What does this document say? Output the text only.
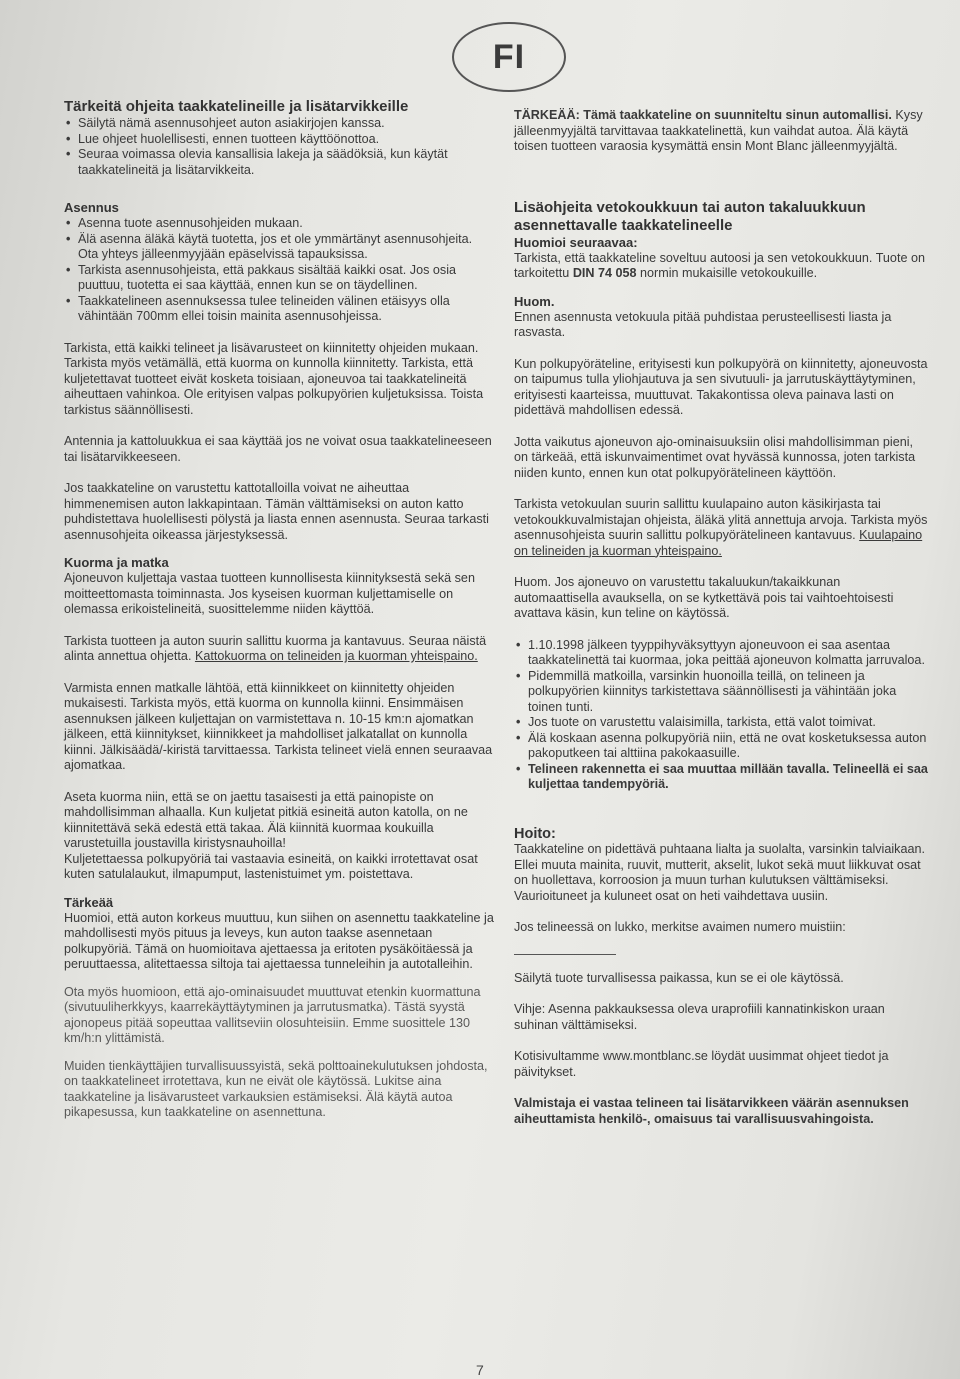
FI
Tärkeitä ohjeita taakkatelineille ja lisätarvikkeille
• Säilytä nämä asennusohjeet auton asiakirjojen kanssa.
• Lue ohjeet huolellisesti, ennen tuotteen käyttöönottoa.
• Seuraa voimassa olevia kansallisia lakeja ja säädöksiä, kun käytät taakkatelineitä ja lisätarvikkeita.
Asennus
• Asenna tuote asennusohjeiden mukaan.
• Älä asenna äläkä käytä tuotetta, jos et ole ymmärtänyt asennusohjeita. Ota yhteys jälleenmyyjään epäselvissä tapauksissa.
• Tarkista asennusohjeista, että pakkaus sisältää kaikki osat. Jos osia puuttuu, tuotetta ei saa käyttää, ennen kun se on täydellinen.
• Taakkatelineen asennuksessa tulee telineiden välinen etäisyys olla vähintään 700mm ellei toisin mainita asennusohjeissa.

Tarkista, että kaikki telineet ja lisävarusteet on kiinnitetty ohjeiden mukaan. Tarkista myös vetämällä, että kuorma on kunnolla kiinnitetty. Tarkista, että kuljetettavat tuotteet eivät kosketa toisiaan, ajoneuvoa tai taakkatelineitä aiheuttaen vahinkoa. Ole erityisen valpas polkupyörien kuljetuksissa. Toista tarkistus säännöllisesti.

Antennia ja kattoluukkua ei saa käyttää jos ne voivat osua taakkatelineeseen tai lisätarvikkeeseen.

Jos taakkateline on varustettu kattotalloilla voivat ne aiheuttaa himmenemisen auton lakkapintaan. Tämän välttämiseksi on auton katto puhdistettava huolellisesti pölystä ja liasta ennen asennusta. Seuraa tarkasti asennusohjeita oikeassa järjestyksessä.

Kuorma ja matka

Ajoneuvon kuljettaja vastaa tuotteen kunnollisesta kiinnityksestä sekä sen moitteettomasta toiminnasta. Jos kyseisen kuorman kuljettamiselle on olemassa erikoistelineitä, suosittelemme niiden käyttöä.

Tarkista tuotteen ja auton suurin sallittu kuorma ja kantavuus. Seuraa näistä alinta annettua ohjetta. Kattokuorma on telineiden ja kuorman yhteispaino.

Varmista ennen matkalle lähtöä, että kiinnikkeet on kiinnitetty ohjeiden mukaisesti. Tarkista myös, että kuorma on kunnolla kiinni. Ensimmäisen asennuksen jälkeen kuljettajan on varmistettava n. 10-15 km:n ajomatkan jälkeen, että kiinnitykset, kiinnikkeet ja mahdolliset jalkatallat on kunnolla kiinni. Jälkisäädä/-kiristä tarvittaessa. Tarkista telineet vielä ennen seuraavaa ajomatkaa.

Aseta kuorma niin, että se on jaettu tasaisesti ja että painopiste on mahdollisimman alhaalla. Kun kuljetat pitkiä esineitä auton katolla, on ne kiinnitettävä sekä edestä että takaa. Älä kiinnitä kuormaa koukuilla varustetuilla joustavilla kiristysnauhoilla!

Kuljetettaessa polkupyöriä tai vastaavia esineitä, on kaikki irrotettavat osat kuten satulalaukut, ilmapumput, lastenistuimet ym. poistettava.

Tärkeää

Huomioi, että auton korkeus muuttuu, kun siihen on asennettu taakkateline ja mahdollisesti myös pituus ja leveys, kun auton taakse asennetaan polkupyöriä. Tämä on huomioitava ajettaessa ja eritoten pysäköitäessä ja peruuttaessa, alitettaessa siltoja tai ajettaessa tunneleihin ja autotalleihin.

Ota myös huomioon, että ajo-ominaisuudet muuttuvat etenkin kuormattuna (sivutuuliherkkyys, kaarrekäyttäytyminen ja jarrutusmatka). Tästä syystä ajonopeus pitää sopeuttaa vallitseviin olosuhteisiin. Emme suosittele 130 km/h:n ylittämistä.

Muiden tienkäyttäjien turvallisuussyistä, sekä polttoainekulutuksen johdosta, on taakkatelineet irrotettava, kun ne eivät ole käytössä. Lukitse aina taakkateline ja lisävarusteet varkauksien estämiseksi. Älä käytä autoa pikapesussa, kun taakkateline on asennettuna.

TÄRKEÄÄ: Tämä taakkateline on suunniteltu sinun automallisi. Kysy jälleenmyyjältä tarvittavaa taakkatelinettä, kun vaihdat autoa. Älä käytä toisen tuotteen varaosia kysymättä ensin Mont Blanc jälleenmyyjältä.

Lisäohjeita vetokoukkuun tai auton takaluukkuun asennettavalle taakkatelineelle
Huomioi seuraavaa:

Tarkista, että taakkateline soveltuu autoosi ja sen vetokoukkuun. Tuote on tarkoitettu DIN 74 058 normin mukaisille vetokoukuille.

Huom.

Ennen asennusta vetokuula pitää puhdistaa perusteellisesti liasta ja rasvasta.

Kun polkupyöräteline, erityisesti kun polkupyörä on kiinnitetty, ajoneuvosta on taipumus tulla yliohjautuva ja sen sivutuuli- ja jarrutuskäyttäytyminen, erityisesti kaarteissa, muuttuvat. Takakontissa oleva painava lasti on pidettävä mahdollisen edessä.

Jotta vaikutus ajoneuvon ajo-ominaisuuksiin olisi mahdollisimman pieni, on tärkeää, että iskunvaimentimet ovat hyvässä kunnossa, joten tarkista niiden kunto, ennen kun otat polkupyörätelineen käyttöön.

Tarkista vetokuulan suurin sallittu kuulapaino auton käsikirjasta tai vetokoukkuvalmistajan ohjeista, äläkä ylitä annettuja arvoja. Tarkista myös asennusohjeista suurin sallittu polkupyörätelineen kantavuus. Kuulapaino on telineiden ja kuorman yhteispaino.

Huom. Jos ajoneuvo on varustettu takaluukun/takaikkunan automaattisella avauksella, on se kytkettävä pois tai vaihtoehtoisesti avattava käsin, kun teline on käytössä.

• 1.10.1998 jälkeen tyyppihyväksyttyyn ajoneuvoon ei saa asentaa taakkatelinettä tai kuormaa, joka peittää ajoneuvon kolmatta jarruvaloa.
• Pidemmillä matkoilla, varsinkin huonoilla teillä, on telineen ja polkupyörien kiinnitys tarkistettava säännöllisesti ja vähintään joka toinen tunti.
• Jos tuote on varustettu valaisimilla, tarkista, että valot toimivat.
• Älä koskaan asenna polkupyöriä niin, että ne ovat kosketuksessa auton pakoputkeen tai alttiina pakokaasuille.
• Telineen rakennetta ei saa muuttaa millään tavalla. Telineellä ei saa kuljettaa tandempyöriä.
Hoito:

Taakkateline on pidettävä puhtaana lialta ja suolalta, varsinkin talviaikaan. Ellei muuta mainita, ruuvit, mutterit, akselit, lukot sekä muut liikkuvat osat on huollettava, korroosion ja muun turhan kulutuksen välttämiseksi. Vaurioituneet ja kuluneet osat on heti vaihdettava uusiin.

Jos telineessä on lukko, merkitse avaimen numero muistiin:

Säilytä tuote turvallisessa paikassa, kun se ei ole käytössä.

Vihje: Asenna pakkauksessa oleva uraprofiili kannatinkiskon uraan suhinan välttämiseksi.

Kotisivultamme www.montblanc.se löydät uusimmat ohjeet tiedot ja päivitykset.

Valmistaja ei vastaa telineen tai lisätarvikkeen väärän asennuksen aiheuttamista henkilö-, omaisuus tai varallisuusvahingoista.

7
